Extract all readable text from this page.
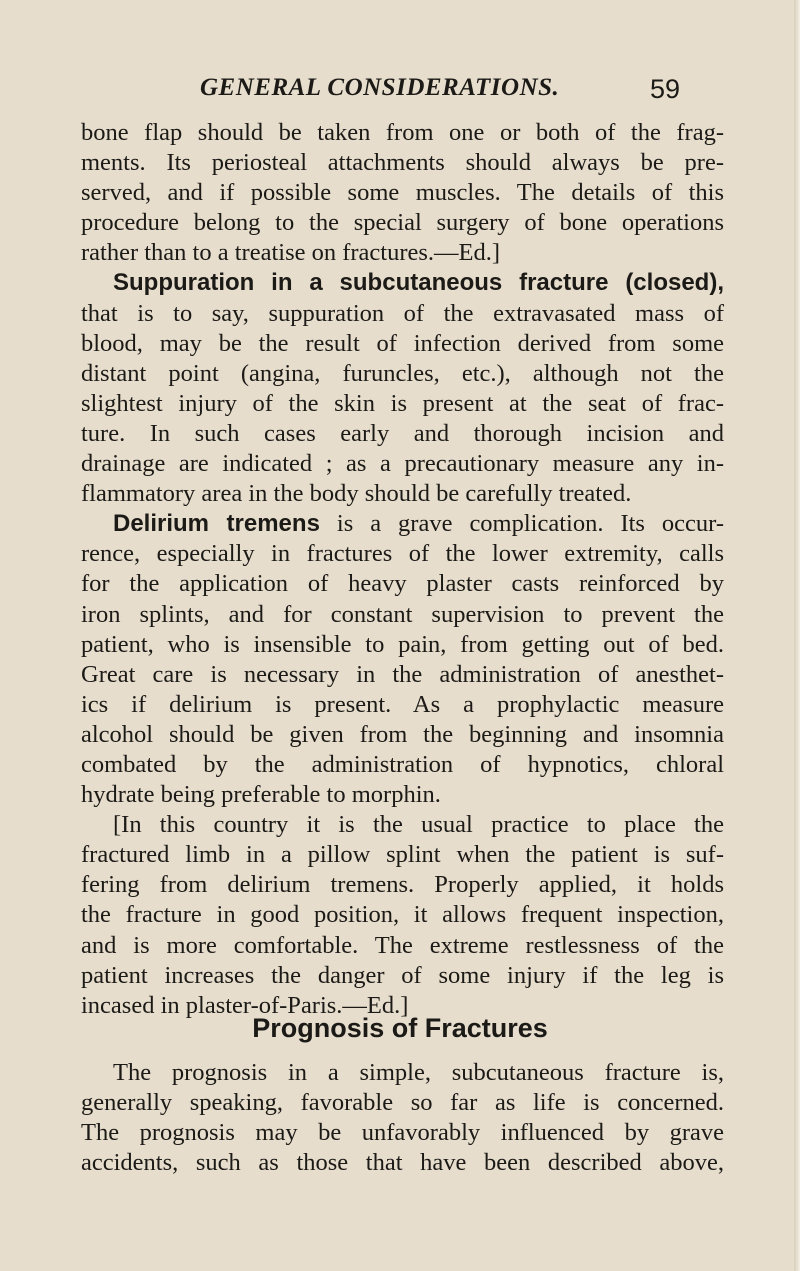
GENERAL CONSIDERATIONS.	59
bone flap should be taken from one or both of the frag-
ments. Its periosteal attachments should always be pre-
served, and if possible some muscles. The details of this
procedure belong to the special surgery of bone operations
rather than to a treatise on fractures.—Ed.]
Suppuration in a subcutaneous fracture (closed),
that is to say, suppuration of the extravasated mass of
blood, may be the result of infection derived from some
distant point (angina, furuncles, etc.), although not the
slightest injury of the skin is present at the seat of frac-
ture. In such cases early and thorough incision and
drainage are indicated ; as a precautionary measure any in-
flammatory area in the body should be carefully treated.
Delirium tremens is a grave complication. Its occur-
rence, especially in fractures of the lower extremity, calls
for the application of heavy plaster casts reinforced by
iron splints, and for constant supervision to prevent the
patient, who is insensible to pain, from getting out of bed.
Great care is necessary in the administration of anesthet-
ics if delirium is present. As a prophylactic measure
alcohol should be given from the beginning and insomnia
combated by the administration of hypnotics, chloral
hydrate being preferable to morphin.
[In this country it is the usual practice to place the
fractured limb in a pillow splint when the patient is suf-
fering from delirium tremens. Properly applied, it holds
the fracture in good position, it allows frequent inspection,
and is more comfortable. The extreme restlessness of the
patient increases the danger of some injury if the leg is
incased in plaster-of-Paris.—Ed.]
Prognosis of Fractures
The prognosis in a simple, subcutaneous fracture is,
generally speaking, favorable so far as life is concerned.
The prognosis may be unfavorably influenced by grave
accidents, such as those that have been described above,
